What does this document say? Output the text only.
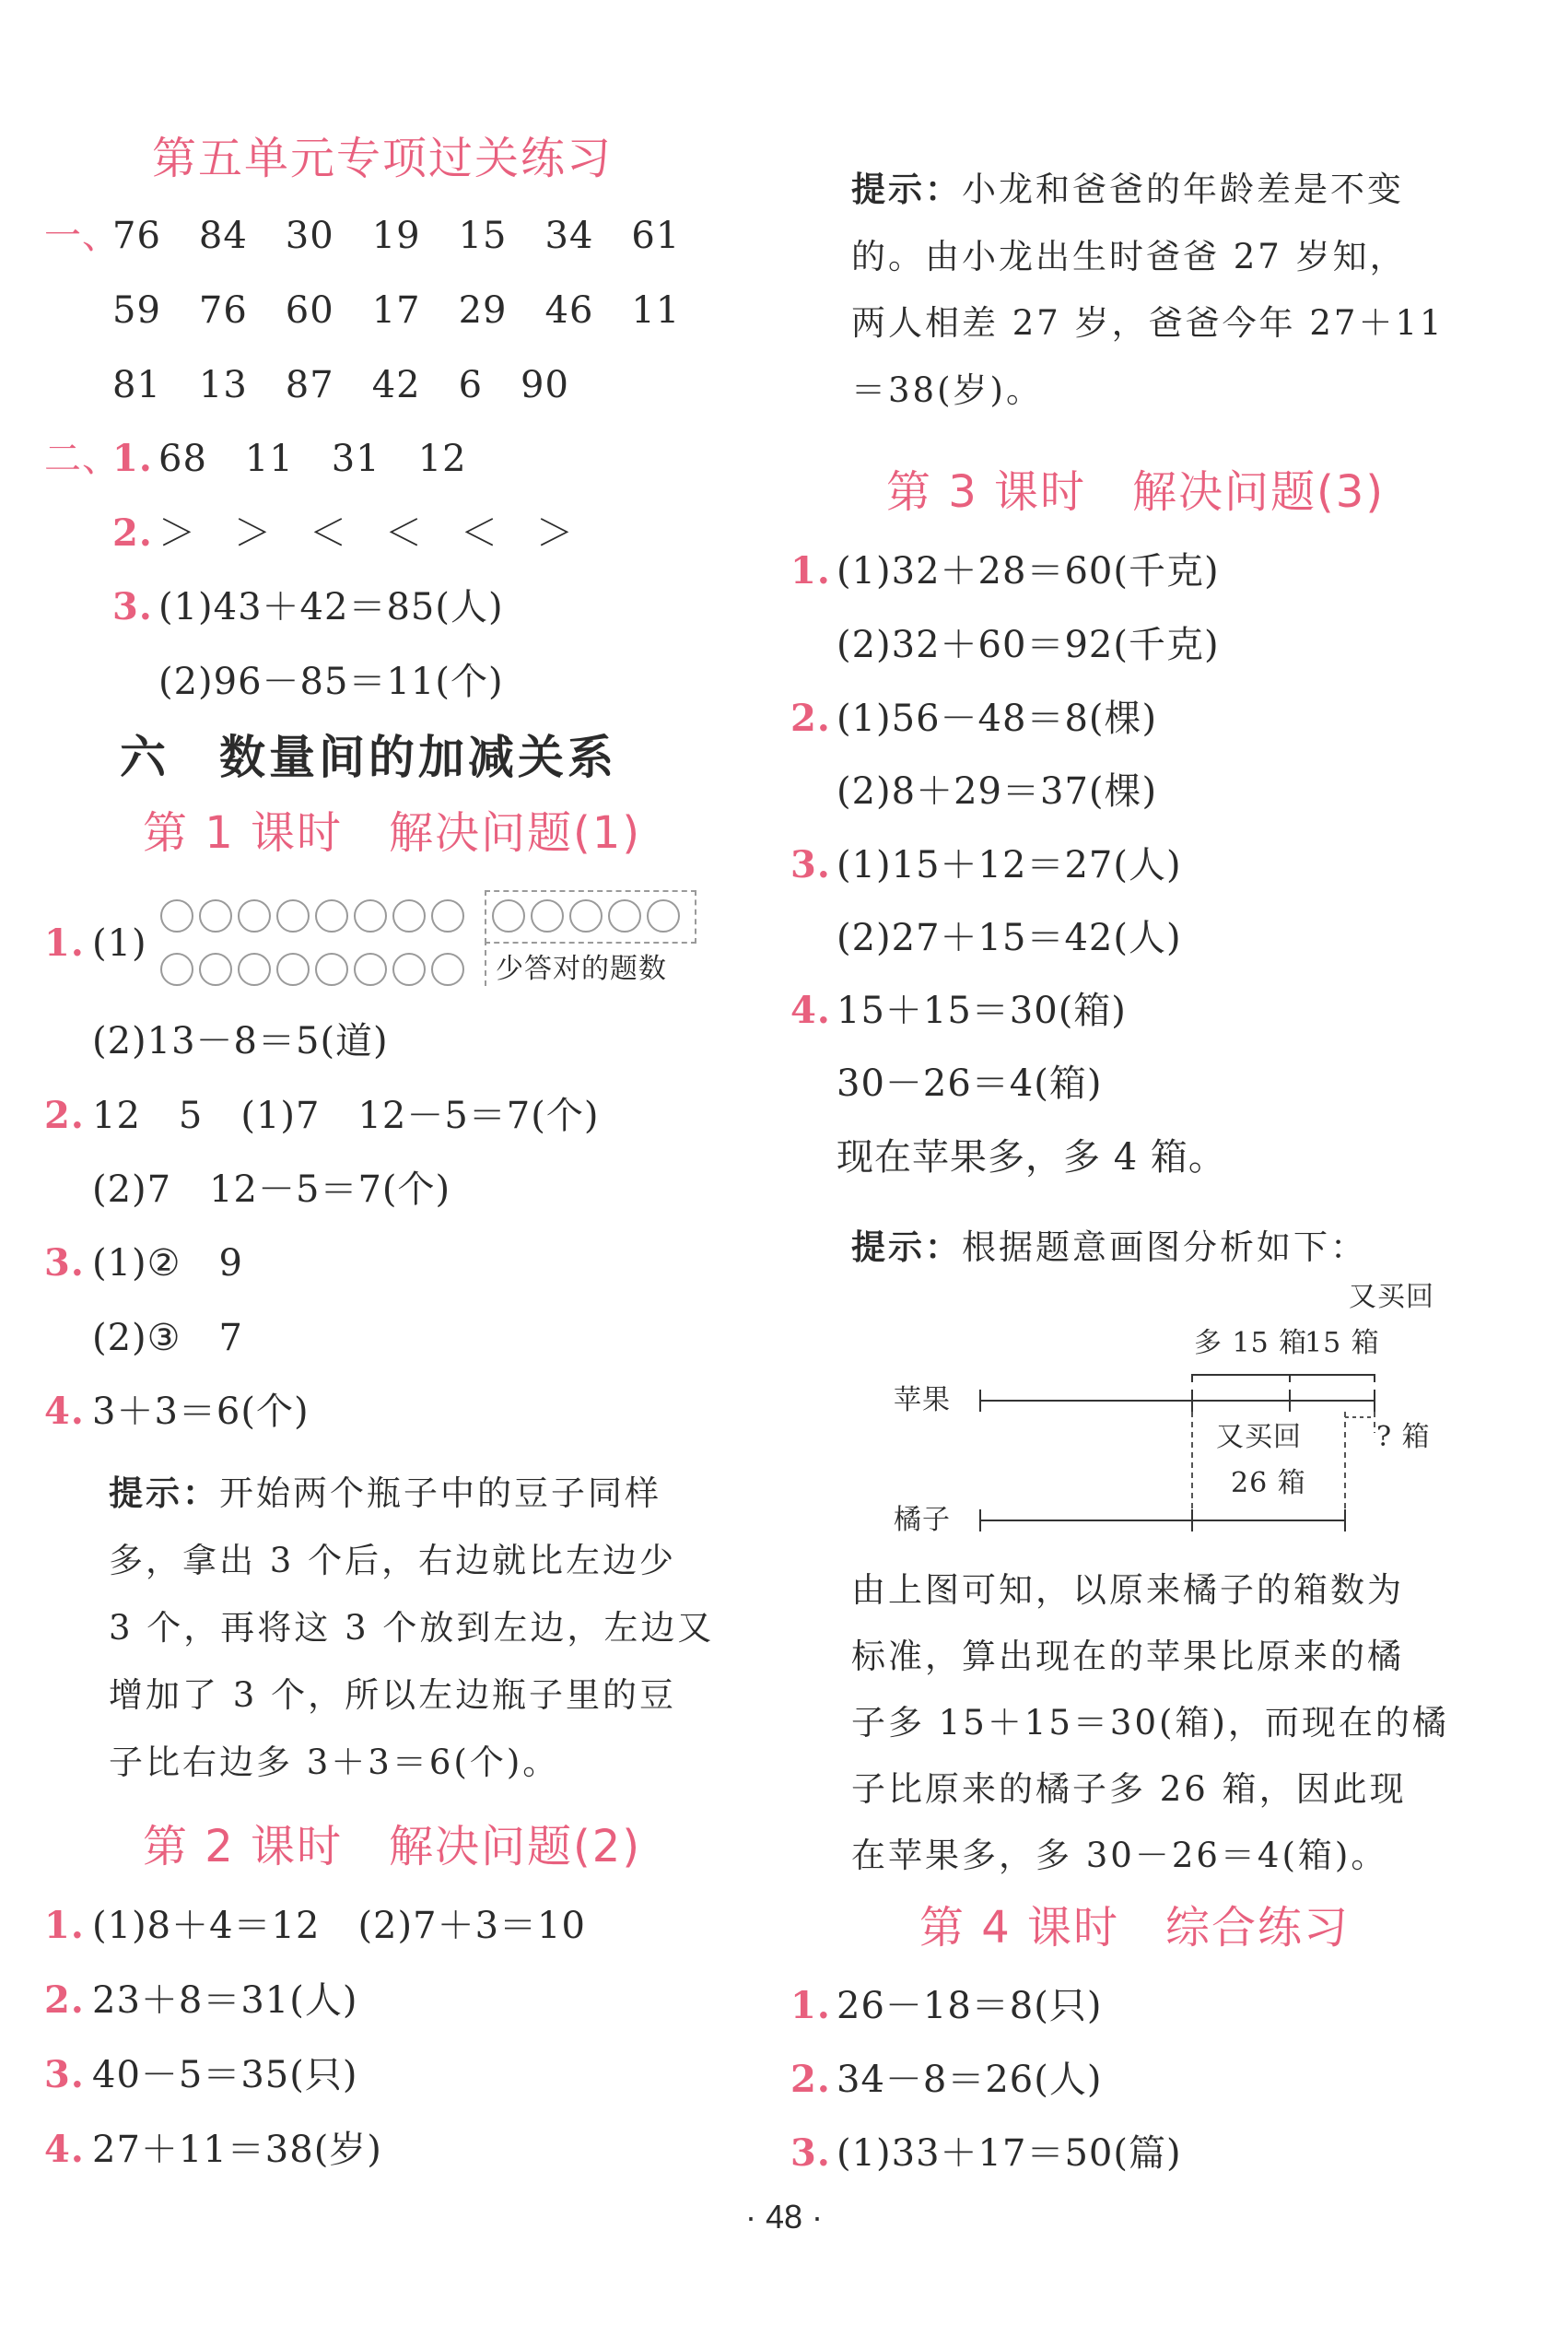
第五单元专项过关练习
一、
76　84　30　19　15　34　61
59　76　60　17　29　46　11
81　13　87　42　6　90
二、
1. 68　11　31　12
2. ＞　＞　＜　＜　＜　＞
3. (1)43＋42＝85(人)
(2)96－85＝11(个)
六　数量间的加减关系
第 1 课时　解决问题(1)
1. (1)
少答对的题数
(2)13－8＝5(道)
2. 12　5　(1)7　12－5＝7(个)
(2)7　12－5＝7(个)
3. (1)②　9
(2)③　7
4. 3＋3＝6(个)
提示：开始两个瓶子中的豆子同样
多，拿出 3 个后，右边就比左边少
3 个，再将这 3 个放到左边，左边又
增加了 3 个，所以左边瓶子里的豆
子比右边多 3＋3＝6(个)。
第 2 课时　解决问题(2)
1. (1)8＋4＝12　(2)7＋3＝10
2. 23＋8＝31(人)
3. 40－5＝35(只)
4. 27＋11＝38(岁)
提示：小龙和爸爸的年龄差是不变
的。由小龙出生时爸爸 27 岁知，
两人相差 27 岁，爸爸今年 27＋11
＝38(岁)。
第 3 课时　解决问题(3)
1. (1)32＋28＝60(千克)
(2)32＋60＝92(千克)
2. (1)56－48＝8(棵)
(2)8＋29＝37(棵)
3. (1)15＋12＝27(人)
(2)27＋15＝42(人)
4. 15＋15＝30(箱)
30－26＝4(箱)
现在苹果多，多 4 箱。
提示：根据题意画图分析如下：
又买回
多 15 箱
15 箱
苹果
又买回
26 箱
? 箱
橘子
由上图可知，以原来橘子的箱数为
标准，算出现在的苹果比原来的橘
子多 15＋15＝30(箱)，而现在的橘
子比原来的橘子多 26 箱，因此现
在苹果多，多 30－26＝4(箱)。
第 4 课时　综合练习
1. 26－18＝8(只)
2. 34－8＝26(人)
3. (1)33＋17＝50(篇)
· 48 ·
